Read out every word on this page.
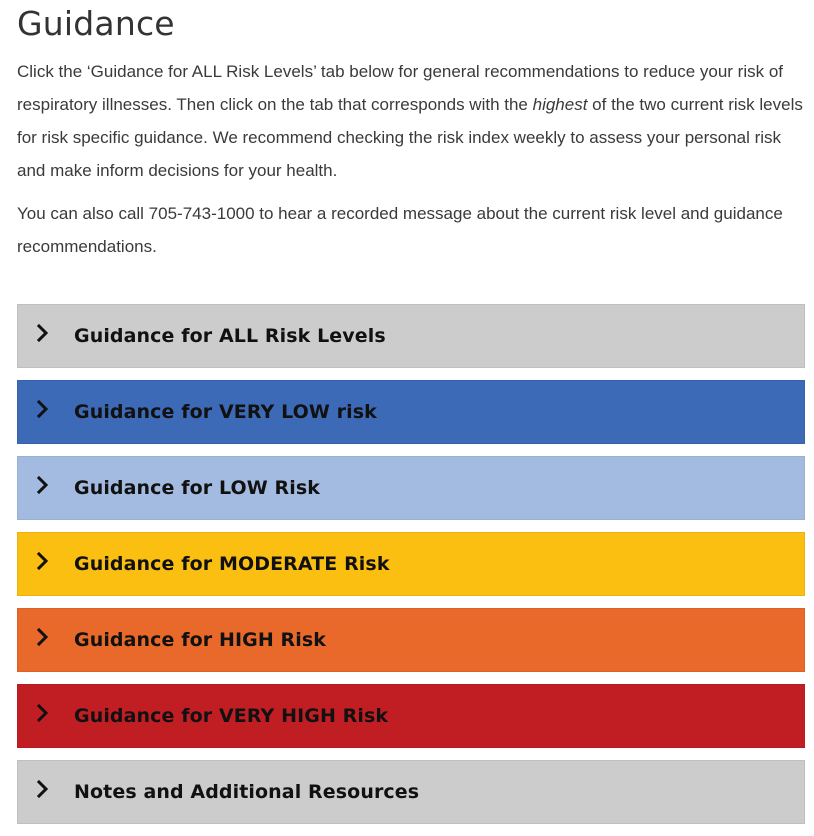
Guidance

Click the ‘Guidance for ALL Risk Levels’ tab below for general recommendations to reduce your risk of respiratory illnesses. Then click on the tab that corresponds with the highest of the two current risk levels for risk specific guidance. We recommend checking the risk index weekly to assess your personal risk and make inform decisions for your health.

You can also call 705-743-1000 to hear a recorded message about the current risk level and guidance recommendations.

Guidance for ALL Risk Levels
Guidance for VERY LOW risk
Guidance for LOW Risk
Guidance for MODERATE Risk
Guidance for HIGH Risk
Guidance for VERY HIGH Risk
Notes and Additional Resources
